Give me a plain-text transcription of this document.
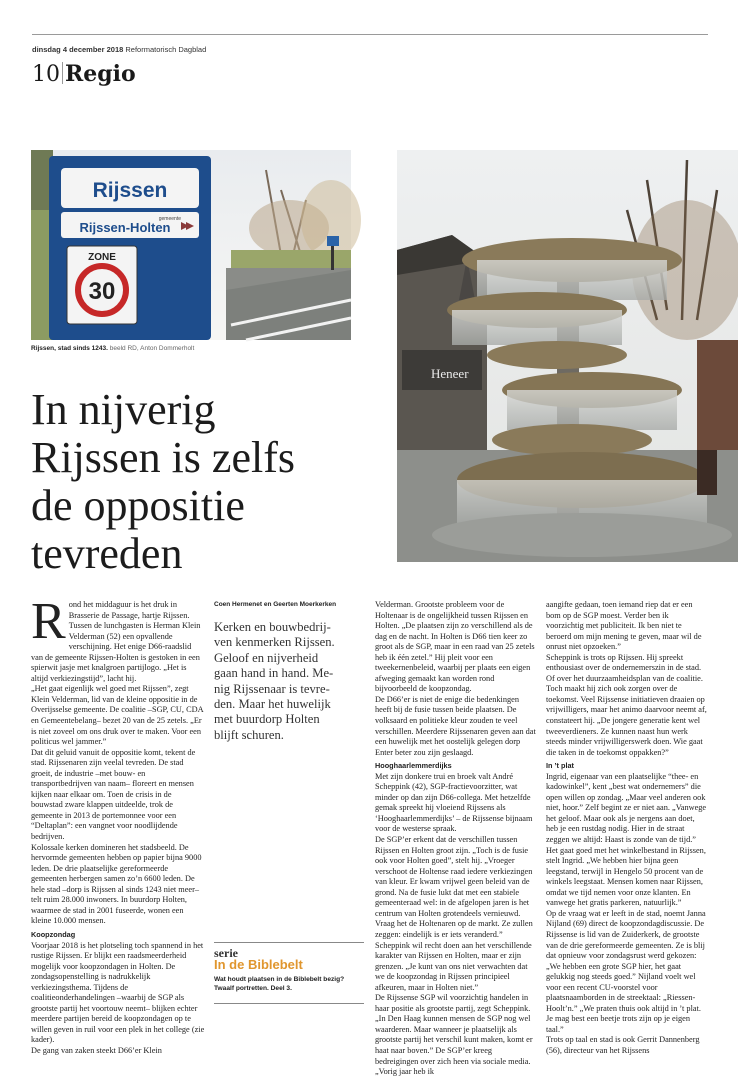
dinsdag 4 december 2018 Reformatorisch Dagblad
10 Regio
Rijssen
gemeente
Rijssen-Holten
ZONE
30
Rijssen, stad sinds 1243. beeld RD, Anton Dommerholt
Heneer
In nijverig
Rijssen is zelfs
de oppositie
tevreden

Rond het middaguur is het druk in Brasserie de Passage, hartje Rijssen. Tussen de lunchgasten is Herman Klein Velderman (52) een opvallende verschijning. Het enige D66-raadslid van de gemeente Rijssen-Holten is gestoken in een spierwit jasje met knalgroen partijlogo. „Het is altijd verkiezingstijd”, lacht hij.

„Het gaat eigenlijk wel goed met Rijssen”, zegt Klein Velderman, lid van de kleine oppositie in de Overijsselse gemeente. De coalitie –SGP, CU, CDA en Gemeentebelang– bezet 20 van de 25 zetels. „Er is niet zoveel om ons druk over te maken. Voor een politicus wel jammer.”

Dat dit geluid vanuit de oppositie komt, tekent de stad. Rijssenaren zijn veelal tevreden. De stad groeit, de industrie –met bouw- en transportbedrijven van naam– floreert en mensen kijken naar elkaar om. Toen de crisis in de bouwstad zware klappen uitdeelde, trok de gemeente in 2013 de portemonnee voor een “Deltaplan”: een vangnet voor noodlijdende bedrijven.

Kolossale kerken domineren het stadsbeeld. De hervormde gemeenten hebben op papier bijna 9000 leden. De drie plaatselijke gereformeerde gemeenten herbergen samen zo’n 6600 leden. De hele stad –dorp is Rijssen al sinds 1243 niet meer– telt ruim 28.000 inwoners. In buurdorp Holten, waarmee de stad in 2001 fuseerde, wonen een kleine 10.000 mensen.

Koopzondag

Voorjaar 2018 is het plotseling toch spannend in het rustige Rijssen. Er blijkt een raadsmeerderheid mogelijk voor koopzondagen in Holten. De zondagsopenstelling is nadrukkelijk verkiezingsthema. Tijdens de coalitieonderhandelingen –waarbij de SGP als grootste partij het voortouw neemt– blijken echter meerdere partijen bereid de koopzondagen op te willen geven in ruil voor een plek in het college (zie kader).

De gang van zaken steekt D66’er Klein

Coen Hermenet en Geerten Moerkerken
Kerken en bouwbedrij-
ven kenmerken Rijssen.
Geloof en nijverheid
gaan hand in hand. Me-
nig Rijssenaar is tevre-
den. Maar het huwelijk
met buurdorp Holten
blijft schuren.
serie
In de Biblebelt
Wat houdt plaatsen in de Biblebelt bezig?
Twaalf portretten. Deel 3.

Velderman. Grootste probleem voor de Holtenaar is de ongelijkheid tussen Rijssen en Holten. „De plaatsen zijn zo verschillend als de dag en de nacht. In Holten is D66 tien keer zo groot als de SGP, maar in een raad van 25 zetels heb ik één zetel.” Hij pleit voor een tweekernenbeleid, waarbij per plaats een eigen afweging gemaakt kan worden rond bijvoorbeeld de koopzondag.

De D66’er is niet de enige die bedenkingen heeft bij de fusie tussen beide plaatsen. De volksaard en politieke kleur zouden te veel verschillen. Meerdere Rijssenaren geven aan dat een huwelijk met het oostelijk gelegen dorp Enter beter zou zijn geslaagd.

Hooghaarlemmerdijks

Met zijn donkere trui en broek valt André Scheppink (42), SGP-fractievoorzitter, wat minder op dan zijn D66-collega. Met hetzelfde gemak spreekt hij vloeiend Rijssens als ‘Hooghaarlemmerdijks’ – de Rijssense bijnaam voor de westerse spraak.

De SGP’er erkent dat de verschillen tussen Rijssen en Holten groot zijn. „Toch is de fusie ook voor Holten goed”, stelt hij. „Vroeger verschoot de Holtense raad iedere verkiezingen van kleur. Er kwam vrijwel geen beleid van de grond. Na de fusie lukt dat met een stabiele gemeenteraad wel: in de afgelopen jaren is het centrum van Holten grotendeels vernieuwd. Vraag het de Holtenaren op de markt. Ze zullen zeggen: eindelijk is er iets veranderd.” Scheppink wil recht doen aan het verschillende karakter van Rijssen en Holten, maar er zijn grenzen. „Je kunt van ons niet verwachten dat we de koopzondag in Rijssen principieel afkeuren, maar in Holten niet.”

De Rijssense SGP wil voorzichtig handelen in haar positie als grootste partij, zegt Scheppink. „In Den Haag kunnen mensen de SGP nog wel waarderen. Maar wanneer je plaatselijk als grootste partij het verschil kunt maken, komt er haat naar boven.” De SGP’er kreeg bedreigingen over zich heen via sociale media. „Vorig jaar heb ik

aangifte gedaan, toen iemand riep dat er een bom op de SGP moest. Verder ben ik voorzichtig met publiciteit. Ik ben niet te beroerd om mijn mening te geven, maar wil de onrust niet opzoeken.”

Scheppink is trots op Rijssen. Hij spreekt enthousiast over de ondernemerszin in de stad. Of over het duurzaamheidsplan van de coalitie. Toch maakt hij zich ook zorgen over de toekomst. Veel Rijssense initiatieven draaien op vrijwilligers, maar het animo daarvoor neemt af, constateert hij. „De jongere generatie kent wel tweeverdieners. Ze kunnen naast hun werk steeds minder vrijwilligerswerk doen. Wie gaat die taken in de toekomst oppakken?”

In ’t plat

Ingrid, eigenaar van een plaatselijke “thee- en kadowinkel”, kent „best wat ondernemers” die open willen op zondag. „Maar veel anderen ook niet, hoor.” Zelf begint ze er niet aan. „Vanwege het geloof. Maar ook als je nergens aan doet, heb je een rustdag nodig. Hier in de straat zeggen we altijd: Haast is zonde van de tijd.”

Het gaat goed met het winkelbestand in Rijssen, stelt Ingrid. „We hebben hier bijna geen leegstand, terwijl in Hengelo 50 procent van de winkels leegstaat. Mensen komen naar Rijssen, omdat we tijd nemen voor onze klanten. En vanwege het gratis parkeren, natuurlijk.”

Op de vraag wat er leeft in de stad, noemt Janna Nijland (69) direct de koopzondagdiscussie. De Rijssense is lid van de Zuiderkerk, de grootste van de drie gereformeerde gemeenten. Ze is blij dat opnieuw voor zondagsrust werd gekozen: „We hebben een grote SGP hier, het gaat gelukkig nog steeds goed.” Nijland voelt wel voor een recent CU-voorstel voor plaatsnaamborden in de streektaal: „Riessen-Hoolt’n.” „We praten thuis ook altijd in ’t plat. Je mag best een beetje trots zijn op je eigen taal.”

Trots op taal en stad is ook Gerrit Dannenberg (56), directeur van het Rijssens
